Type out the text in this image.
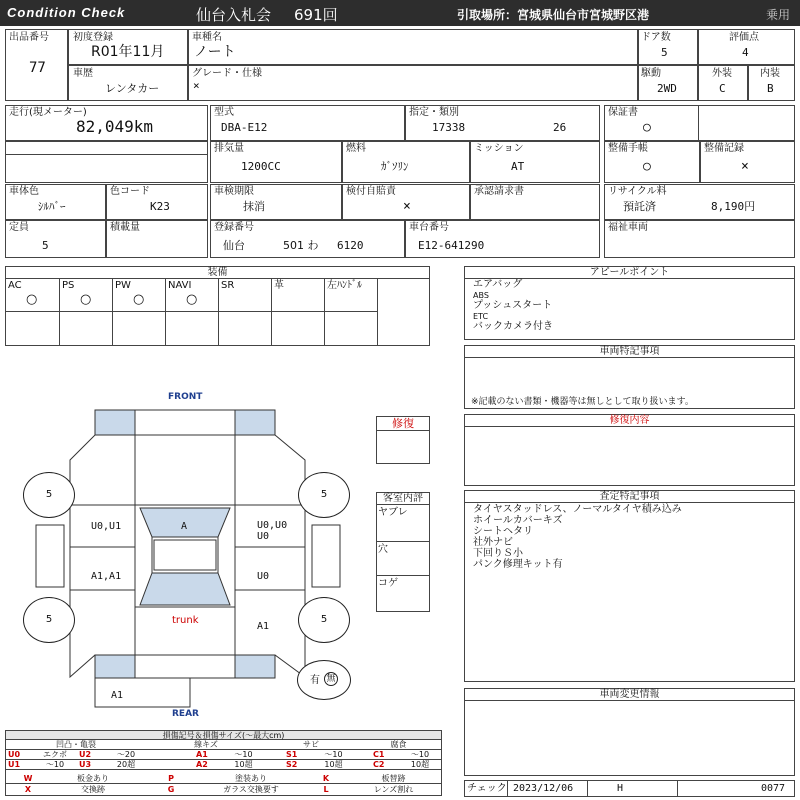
Condition Check	仙台入札会 691回	引取場所：宮城県仙台市宮城野区港	乗用
出品番号
77
初度登録
R01年11月
車種名
ノート
ドア数
5
評価点
4
車歴
レンタカー
グレード・仕様
×
駆動
2WD
外装
C
内装
B
走行(現メーター)
82,049km
型式
DBA-E12
指定・類別
17338	26
保証書
○
排気量
1200CC
燃料
ｶﾞｿﾘﾝ
ミッション
AT
整備手帳
○
整備記録
×
車体色
ｼﾙﾊﾞｰ
色コード
K23
車検期限
抹消
検付自賠責
×
承認請求書	リサイクル料
預託済	8,190円
定員
5
積載量	登録番号
仙台	501 わ 6120
車台番号
E12-641290
福祉車両
装備
AC
○
PS
○
PW
○
NAVI
○
SR	革	左ﾊﾝﾄﾞﾙ
アピールポイント
エアバッグ
ABS
プッシュスタート
ETC
バックカメラ付き
車両特記事項
※記載のない書類・機器等は無しとして取り扱います。
修復内容
査定特記事項
タイヤスタッドレス、ノーマルタイヤ積み込み
ホイールカバーキズ
シートヘタリ
社外ナビ
下回りＳ小
パンク修理キット有
車両変更情報
チェック 2023/12/06	H	0077
修復
客室内評
ヤブレ
穴
コゲ
FRONT
REAR
5	5
5	5
U0,U1	U0,U0
U0
A
A1,A1	U0
trunk
A1
A1
有 無
損傷記号＆損傷サイズ(～最大cm)
凹凸・亀裂	線キズ	サビ	腐食
U0	エクボ	U2	～20	A1	～10	S1	～10	C1	～10
U1	～10	U3	20超	A2	10超	S2	10超	C2	10超
W	板金あり	P	塗装あり	K	板替跡
X	交換跡	G	ガラス交換要す	L	レンズ割れ
